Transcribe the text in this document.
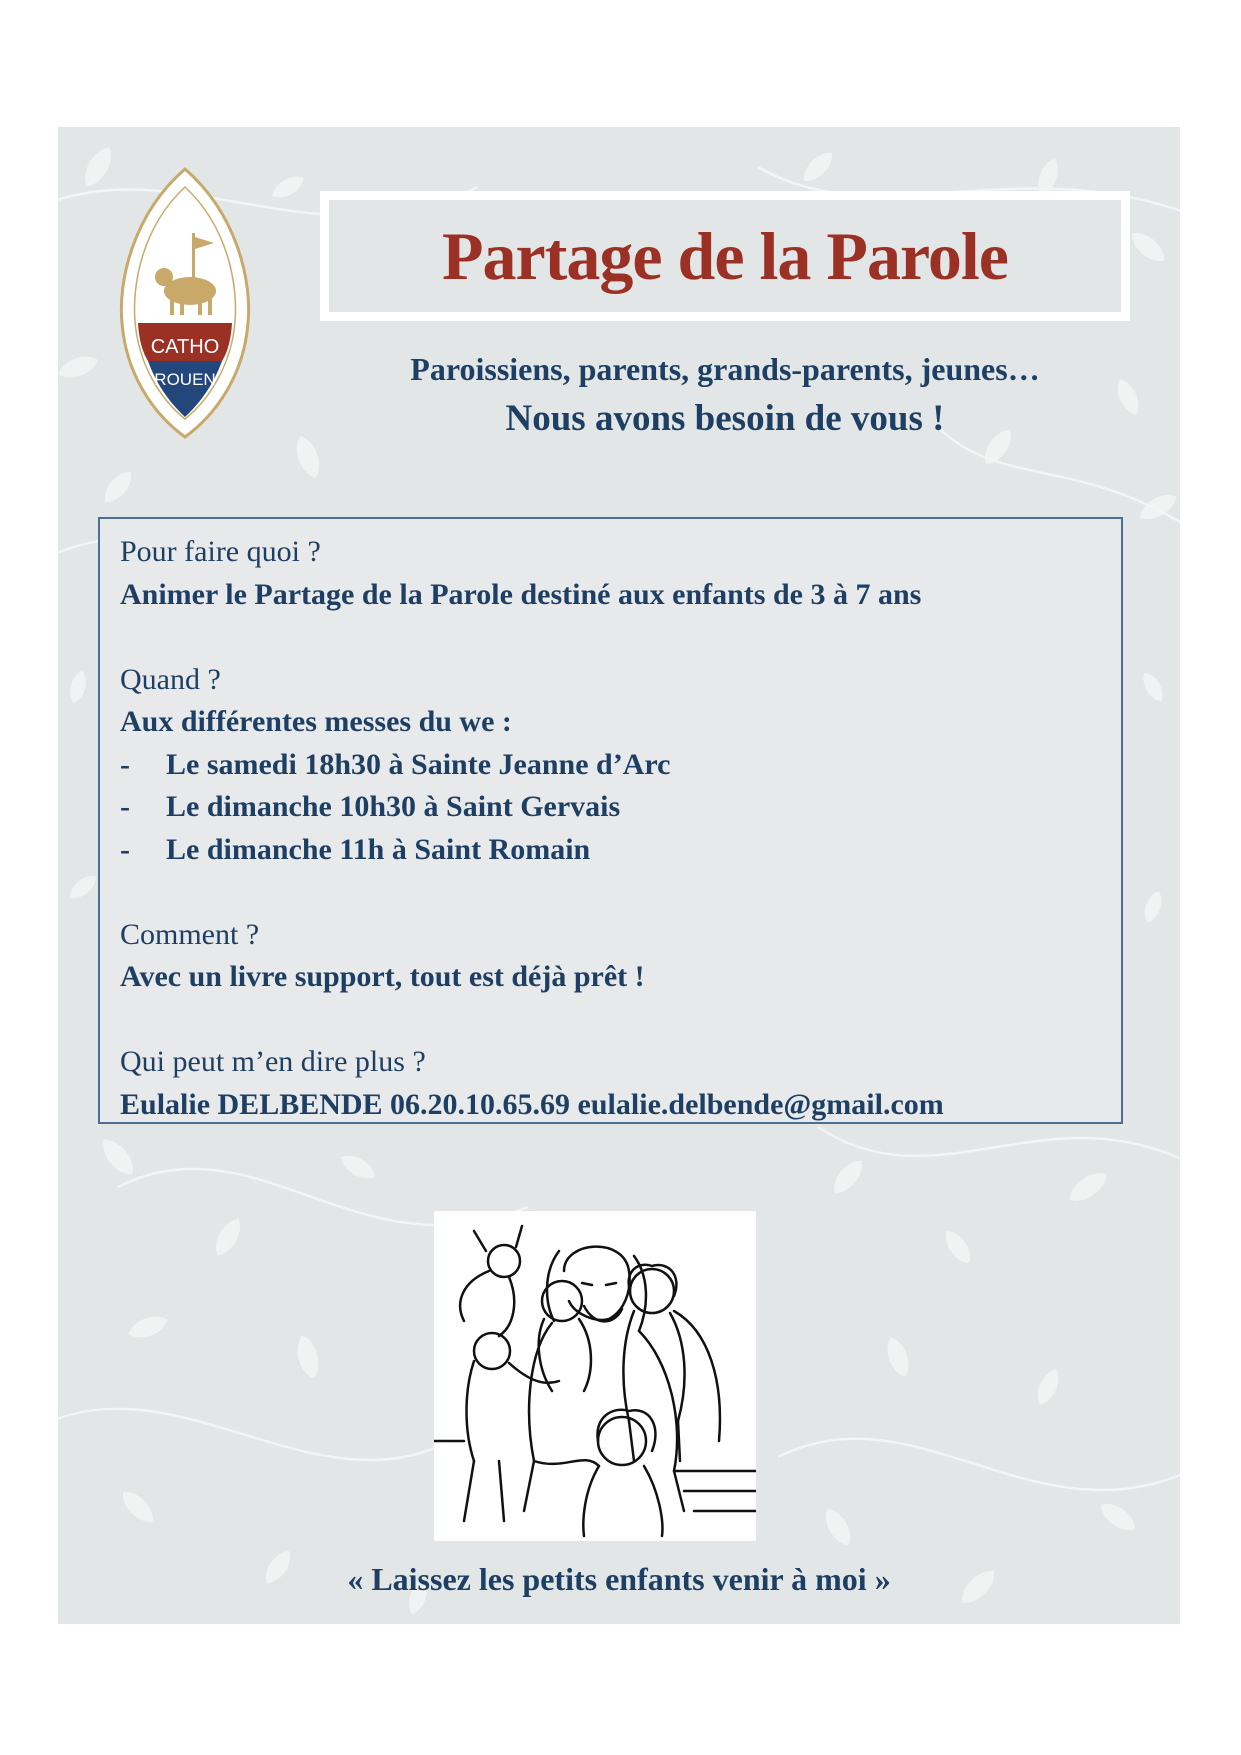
CATHO
ROUEN
Partage de la Parole
Paroissiens, parents, grands-parents, jeunes…
Nous avons besoin de vous !
Pour faire quoi ?
Animer le Partage de la Parole destiné aux enfants de 3 à 7 ans
Quand ?
Aux différentes messes du we :
-	Le samedi 18h30 à Sainte Jeanne d’Arc
-	Le dimanche 10h30 à Saint Gervais
-	Le dimanche 11h à Saint Romain
Comment ?
Avec un livre support, tout est déjà prêt !
Qui peut m’en dire plus ?
Eulalie DELBENDE 06.20.10.65.69 eulalie.delbende@gmail.com
« Laissez les petits enfants venir à moi »
